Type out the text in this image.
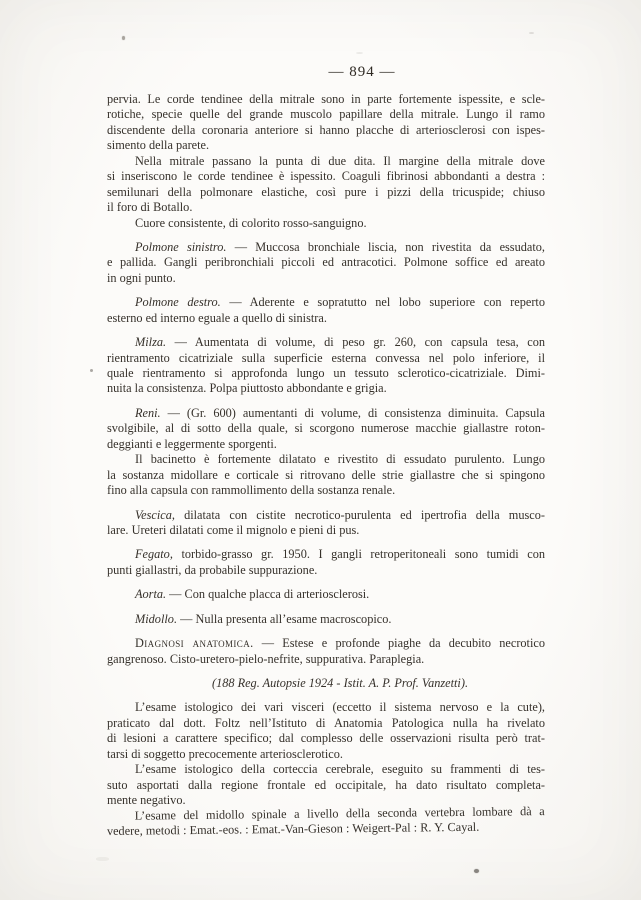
— 894 —
pervia. Le corde tendinee della mitrale sono in parte fortemente ispessite, e scle-
rotiche, specie quelle del grande muscolo papillare della mitrale. Lungo il ramo
discendente della coronaria anteriore si hanno placche di arteriosclerosi con ispes-
simento della parete.
Nella mitrale passano la punta di due dita. Il margine della mitrale dove
si inseriscono le corde tendinee è ispessito. Coaguli fibrinosi abbondanti a destra :
semilunari della polmonare elastiche, così pure i pizzi della tricuspide; chiuso
il foro di Botallo.
Cuore consistente, di colorito rosso-sanguigno.
Polmone sinistro. — Muccosa bronchiale liscia, non rivestita da essudato,
e pallida. Gangli peribronchiali piccoli ed antracotici. Polmone soffice ed areato
in ogni punto.
Polmone destro. — Aderente e sopratutto nel lobo superiore con reperto
esterno ed interno eguale a quello di sinistra.
Milza. — Aumentata di volume, di peso gr. 260, con capsula tesa, con
rientramento cicatriziale sulla superficie esterna convessa nel polo inferiore, il
quale rientramento si approfonda lungo un tessuto sclerotico-cicatriziale. Dimi-
nuita la consistenza. Polpa piuttosto abbondante e grigia.
Reni. — (Gr. 600) aumentanti di volume, di consistenza diminuita. Capsula
svolgibile, al di sotto della quale, si scorgono numerose macchie giallastre roton-
deggianti e leggermente sporgenti.
Il bacinetto è fortemente dilatato e rivestito di essudato purulento. Lungo
la sostanza midollare e corticale si ritrovano delle strie giallastre che si spingono
fino alla capsula con rammollimento della sostanza renale.
Vescica, dilatata con cistite necrotico-purulenta ed ipertrofia della musco-
lare. Ureteri dilatati come il mignolo e pieni di pus.
Fegato, torbido-grasso gr. 1950. I gangli retroperitoneali sono tumidi con
punti giallastri, da probabile suppurazione.
Aorta. — Con qualche placca di arteriosclerosi.
Midollo. — Nulla presenta all’esame macroscopico.
Diagnosi anatomica. — Estese e profonde piaghe da decubito necrotico
gangrenoso. Cisto-uretero-pielo-nefrite, suppurativa. Paraplegia.
(188 Reg. Autopsie 1924 - Istit. A. P. Prof. Vanzetti).
L’esame istologico dei vari visceri (eccetto il sistema nervoso e la cute),
praticato dal dott. Foltz nell’Istituto di Anatomia Patologica nulla ha rivelato
di lesioni a carattere specifico; dal complesso delle osservazioni risulta però trat-
tarsi di soggetto precocemente arteriosclerotico.
L’esame istologico della corteccia cerebrale, eseguito su frammenti di tes-
suto asportati dalla regione frontale ed occipitale, ha dato risultato completa-
mente negativo.
L’esame del midollo spinale a livello della seconda vertebra lombare dà a
vedere, metodi : Emat.-eos. : Emat.-Van-Gieson : Weigert-Pal : R. Y. Cayal.
